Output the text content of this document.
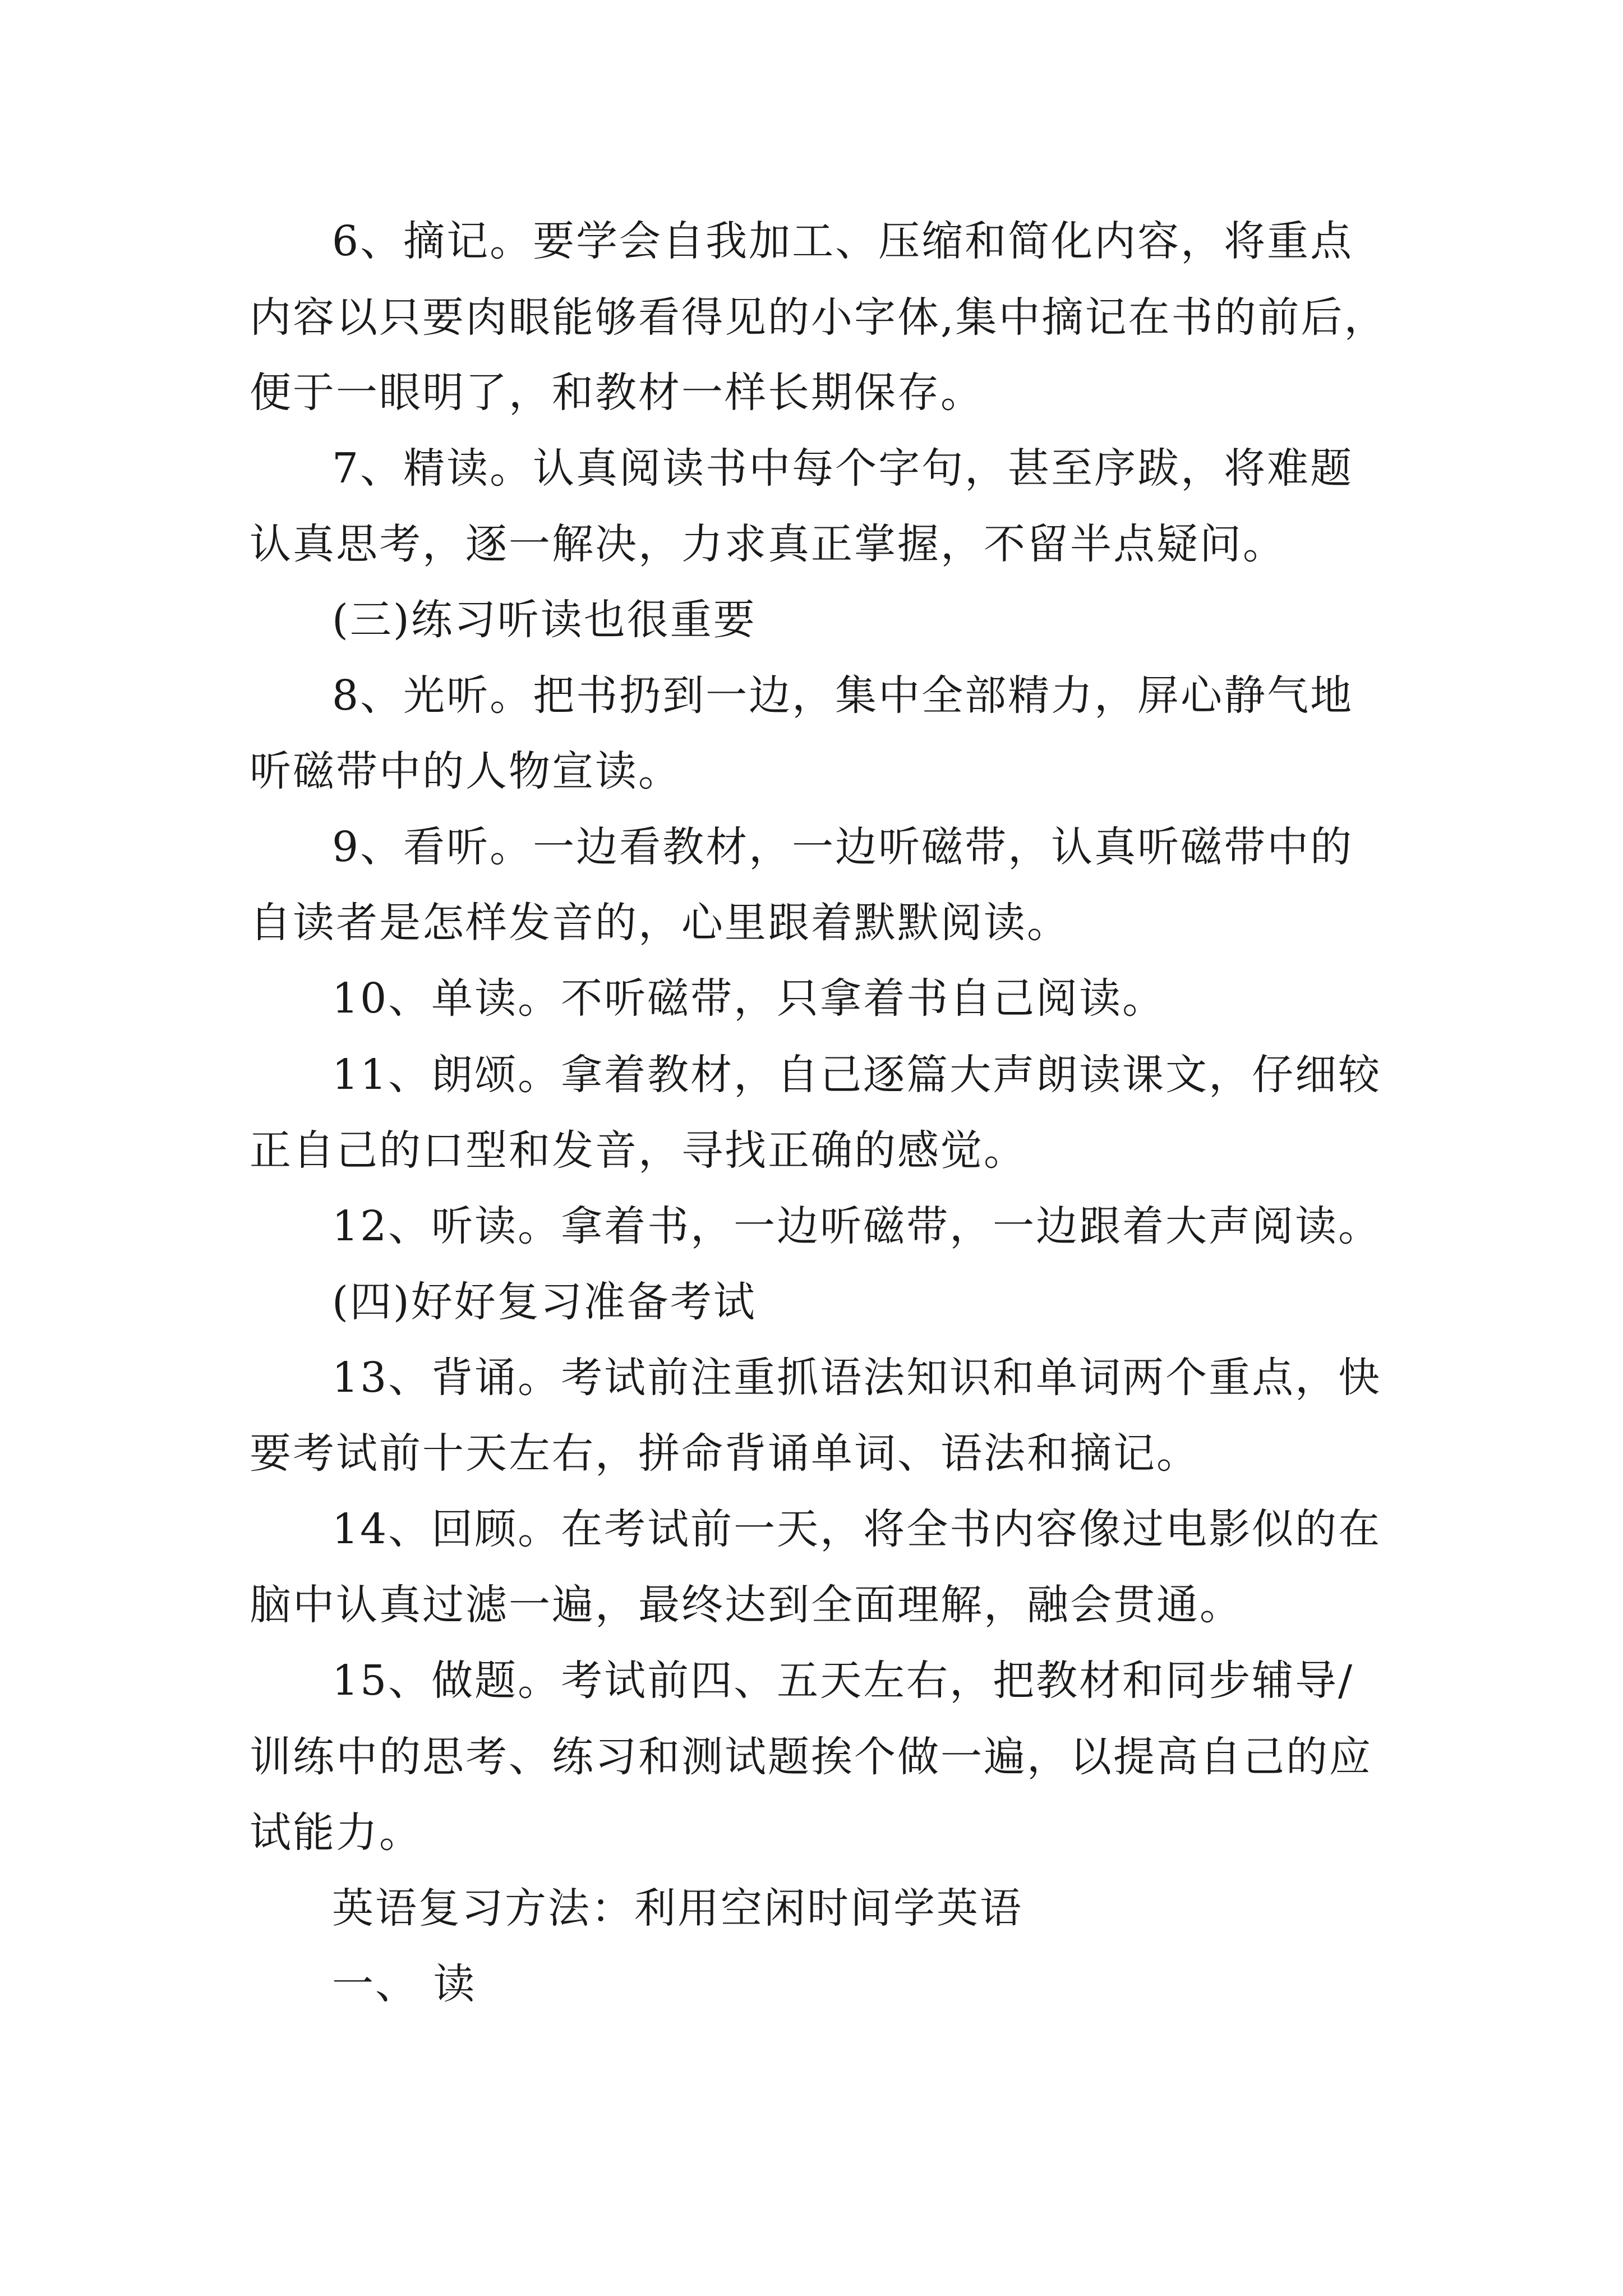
6、摘记。要学会自我加工、压缩和简化内容，将重点
内容以只要肉眼能够看得见的小字体,集中摘记在书的前后，
便于一眼明了，和教材一样长期保存。
7、精读。认真阅读书中每个字句，甚至序跋，将难题
认真思考，逐一解决，力求真正掌握，不留半点疑问。
(三)练习听读也很重要
8、光听。把书扔到一边，集中全部精力，屏心静气地
听磁带中的人物宣读。
9、看听。一边看教材，一边听磁带，认真听磁带中的
自读者是怎样发音的，心里跟着默默阅读。
10、单读。不听磁带，只拿着书自己阅读。
11、朗颂。拿着教材，自己逐篇大声朗读课文，仔细较
正自己的口型和发音，寻找正确的感觉。
12、听读。拿着书，一边听磁带，一边跟着大声阅读。
(四)好好复习准备考试
13、背诵。考试前注重抓语法知识和单词两个重点，快
要考试前十天左右，拼命背诵单词、语法和摘记。
14、回顾。在考试前一天，将全书内容像过电影似的在
脑中认真过滤一遍，最终达到全面理解，融会贯通。
15、做题。考试前四、五天左右，把教材和同步辅导/
训练中的思考、练习和测试题挨个做一遍，以提高自己的应
试能力。
英语复习方法：利用空闲时间学英语
一、 读
